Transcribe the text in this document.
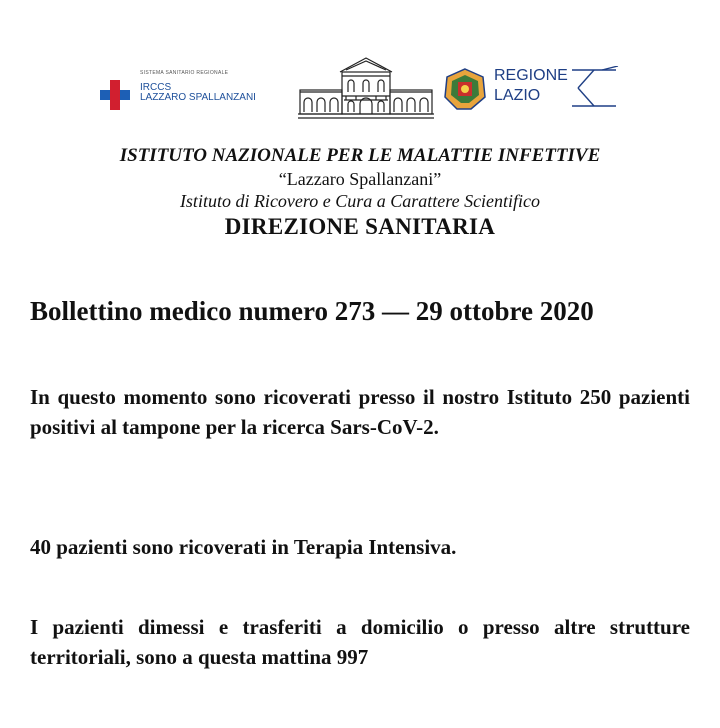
SISTEMA SANITARIO REGIONALE
IRCCS
LAZZARO SPALLANZANI
REGIONE
LAZIO
ISTITUTO NAZIONALE PER LE MALATTIE INFETTIVE
“Lazzaro Spallanzani”
Istituto di Ricovero e Cura a Carattere Scientifico
DIREZIONE SANITARIA
Bollettino medico numero 273 — 29 ottobre 2020
In questo momento sono ricoverati presso il nostro Istituto 250 pazienti positivi al tampone per la ricerca Sars-CoV-2.
40 pazienti sono ricoverati in Terapia Intensiva.
I pazienti dimessi e trasferiti a domicilio o presso altre strutture territoriali, sono a questa mattina 997
